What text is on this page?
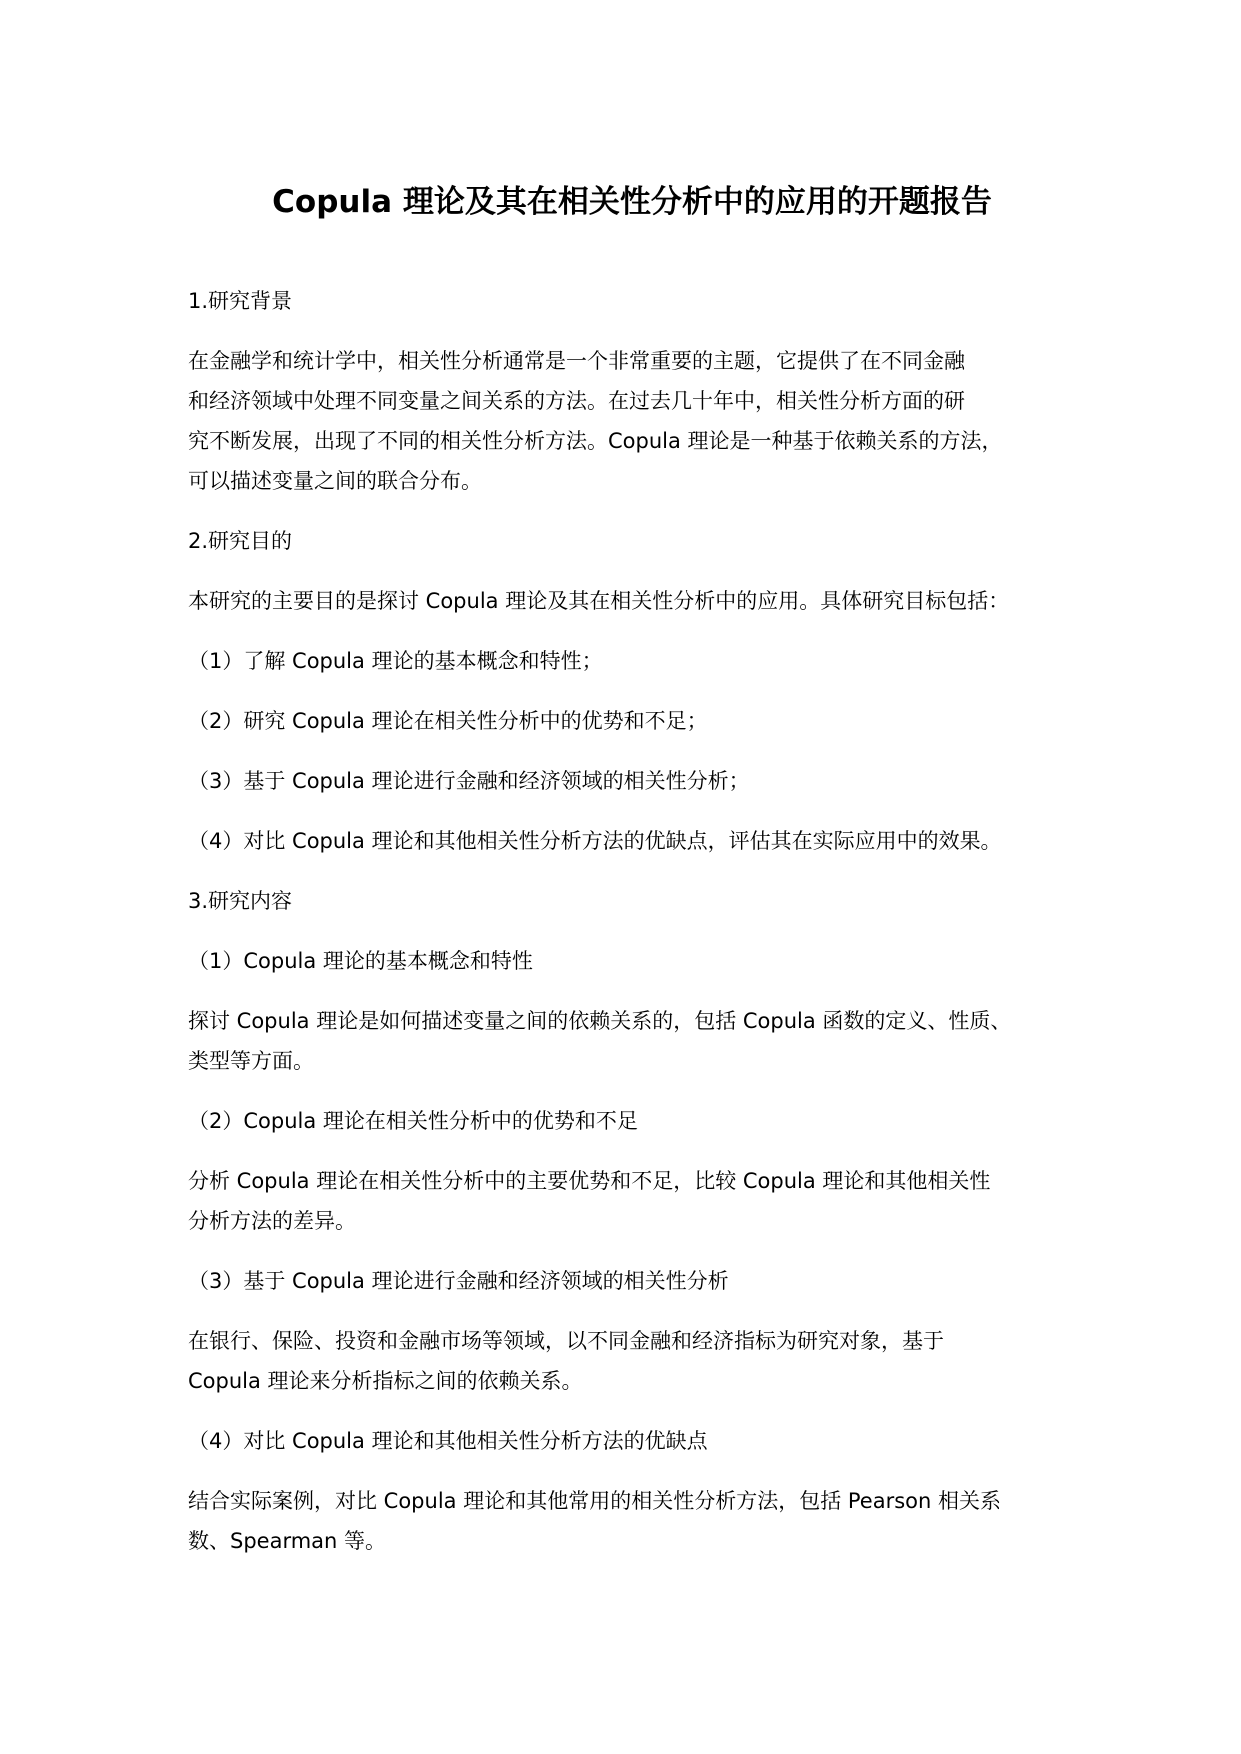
Copula 理论及其在相关性分析中的应用的开题报告
1.研究背景
在金融学和统计学中，相关性分析通常是一个非常重要的主题，它提供了在不同金融
和经济领域中处理不同变量之间关系的方法。在过去几十年中，相关性分析方面的研
究不断发展，出现了不同的相关性分析方法。Copula 理论是一种基于依赖关系的方法，
可以描述变量之间的联合分布。
2.研究目的
本研究的主要目的是探讨 Copula 理论及其在相关性分析中的应用。具体研究目标包括：
（1）了解 Copula 理论的基本概念和特性；
（2）研究 Copula 理论在相关性分析中的优势和不足；
（3）基于 Copula 理论进行金融和经济领域的相关性分析；
（4）对比 Copula 理论和其他相关性分析方法的优缺点，评估其在实际应用中的效果。
3.研究内容
（1）Copula 理论的基本概念和特性
探讨 Copula 理论是如何描述变量之间的依赖关系的，包括 Copula 函数的定义、性质、
类型等方面。
（2）Copula 理论在相关性分析中的优势和不足
分析 Copula 理论在相关性分析中的主要优势和不足，比较 Copula 理论和其他相关性
分析方法的差异。
（3）基于 Copula 理论进行金融和经济领域的相关性分析
在银行、保险、投资和金融市场等领域，以不同金融和经济指标为研究对象，基于
Copula 理论来分析指标之间的依赖关系。
（4）对比 Copula 理论和其他相关性分析方法的优缺点
结合实际案例，对比 Copula 理论和其他常用的相关性分析方法，包括 Pearson 相关系
数、Spearman 等。
